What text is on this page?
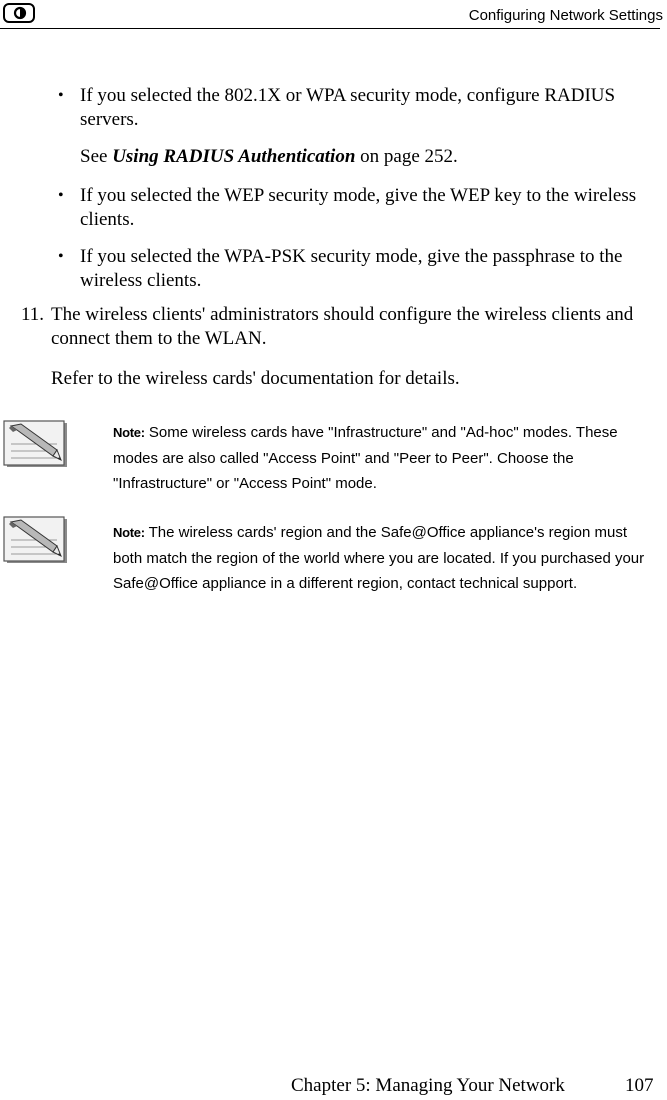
Configuring Network Settings
• If you selected the 802.1X or WPA security mode, configure RADIUS servers.
See Using RADIUS Authentication on page 252.
• If you selected the WEP security mode, give the WEP key to the wireless clients.
• If you selected the WPA-PSK security mode, give the passphrase to the wireless clients.
11. The wireless clients' administrators should configure the wireless clients and connect them to the WLAN.
Refer to the wireless cards' documentation for details.
Note: Some wireless cards have "Infrastructure" and "Ad-hoc" modes. These modes are also called "Access Point" and "Peer to Peer". Choose the "Infrastructure" or "Access Point" mode.
Note: The wireless cards' region and the Safe@Office appliance's region must both match the region of the world where you are located. If you purchased your Safe@Office appliance in a different region, contact technical support.
Chapter 5: Managing Your Network	107
